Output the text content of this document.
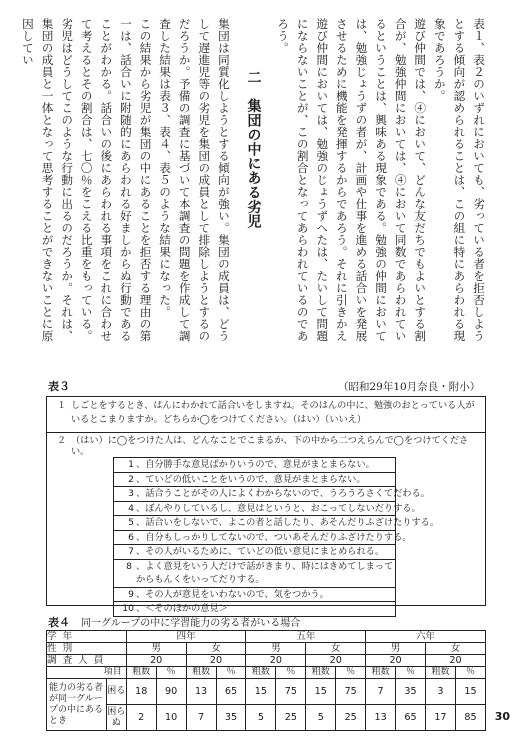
表１、表２のいずれにおいても、劣っている者を拒否しようとする傾向が認められることは、この組に特にあらわれる現象であろうか。

遊び仲間では、④において、どんな友だちでもよいとする割合が、勉強仲間においては、④において同数であらわれているということは、興味ある現象である。勉強の仲間においては、勉強じょうずの者が、計画や仕事を進める話合いを発展させるために機能を発揮するからであろう。それに引きかえ遊び仲間においては、勉強のじょうずへたは、たいして問題にならないことが、この割合となってあらわれているのであろう。

二　集団の中にある劣児

集団は同質化しようとする傾向が強い。集団の成員は、どうして遅進児等の劣児を集団の成員として排除しようとするのだろうか。予備の調査に基づいて本調査の問題を作成して調査した結果は表３、表４、表５のような結果になった。

この結果から劣児が集団の中にあることを拒否する理由の第一は、話合いに附随的にあらわれる好ましからぬ行動であることがわかる。話合いの後にあらわれる事項をこれに合わせて考えるとその割合は、七〇％をこえる比重をもっている。

劣児はどうしてこのような行動に出るのだろうか。それは、集団の成員と一体となって思考することができないことに原因してい

表３	（昭和29年10月奈良・附小）
１ しごとをするとき、はんにわかれて話合いをしますね。そのはんの中に、勉強のおとっている人がいるとこまりますか。どちらか◯をつけてください。（はい）（いいえ）
２ （はい）に◯をつけた人は、どんなことでこまるか、下の中から二つえらんで◯をつけてください。
1 、自分勝手な意見ばかりいうので、意見がまとまらない。
2 、ていどの低いことをいうので、意見がまとまらない。
3 、話合うことがその人によくわからないので、うろうろさくてだわる。
4 、ぼんやりしているし、意見はというと、おこってしないだりする。
5 、話合いをしないで、よこの者と話したり、あそんだりふざけたりする。
6 、自分もしっかりしてないので、ついあそんだりふざけたりする。
7 、その人がいるために、ていどの低い意見にまとめられる。
8 、よく意見をいう人だけで話がきまり、時にはきめてしまってからもんくをいってだりする。
9 、その人が意見をいわないので、気をつかう。
10 、＜そのほかの意見＞
表４　 同一グループの中に学習能力の劣る者がいる場合
学年		四年				五年				六年			
性別		男		女		男		女		男		女	
調査人員		20		20		20		20		20		20	
項目		粗数	％	粗数	％	粗数	％	粗数	％	粗数	％	粗数	％
能力の劣る者が同一グループの中にあるとき	困る	18	90	13	65	15	75	15	75	7	35	3	15
	困らぬ	2	10	7	35	5	25	5	25	13	65	17	85 30
